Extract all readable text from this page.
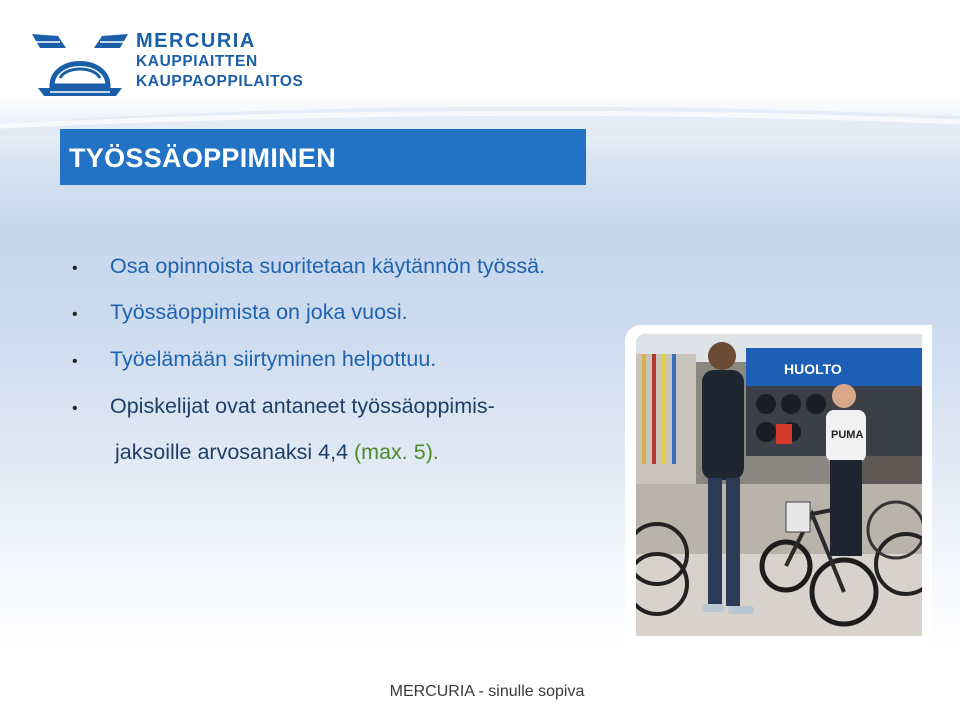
MERCURIA
KAUPPIAITTEN
KAUPPAOPPILAITOS
TYÖSSÄOPPIMINEN
• Osa opinnoista suoritetaan käytännön työssä.
• Työssäoppimista on joka vuosi.
• Työelämään siirtyminen helpottuu.
• Opiskelijat ovat antaneet työssäoppimis-
jaksoille arvosanaksi 4,4 (max. 5).
HUOLTO
PUMA
MERCURIA - sinulle sopiva
